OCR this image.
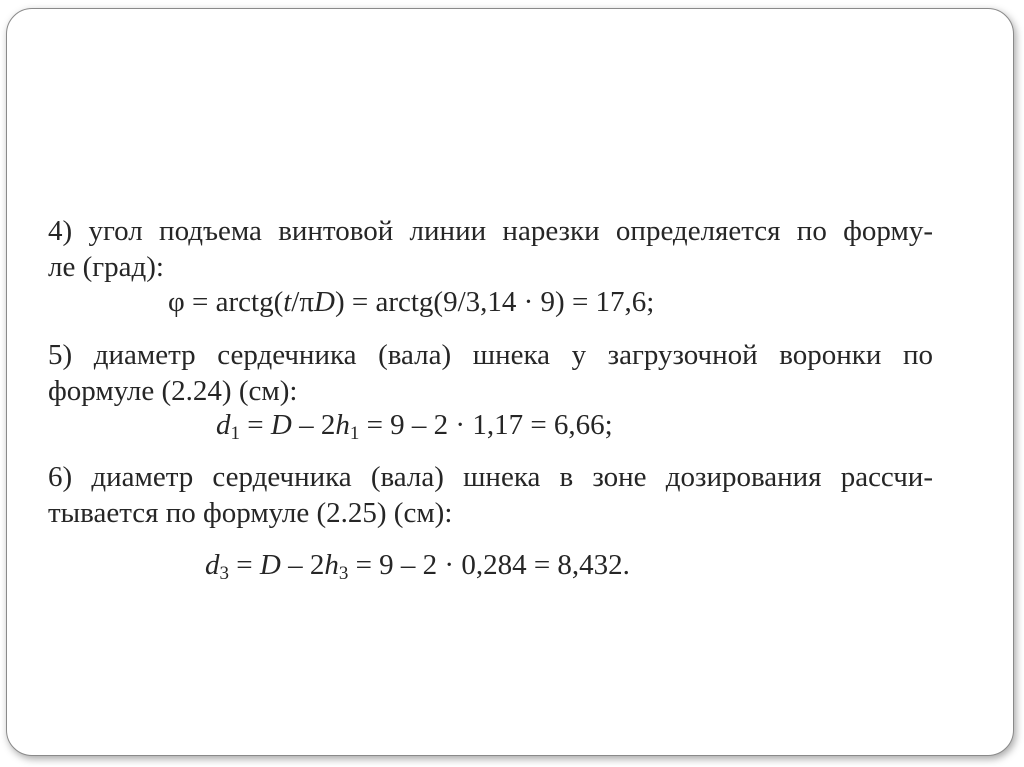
4) угол подъема винтовой линии нарезки определяется по форму-
ле (град):
φ = arctg(t/πD) = arctg(9/3,14 · 9) = 17,6;
5) диаметр сердечника (вала) шнека у загрузочной воронки по
формуле (2.24) (см):
$d_1 = D - 2h_1 = 9 - 2 \cdot 1,17 = 6,66$;
6) диаметр сердечника (вала) шнека в зоне дозирования рассчи-
тывается по формуле (2.25) (см):
$d_3 = D - 2h_3 = 9 - 2 \cdot 0,284 = 8,432$.
